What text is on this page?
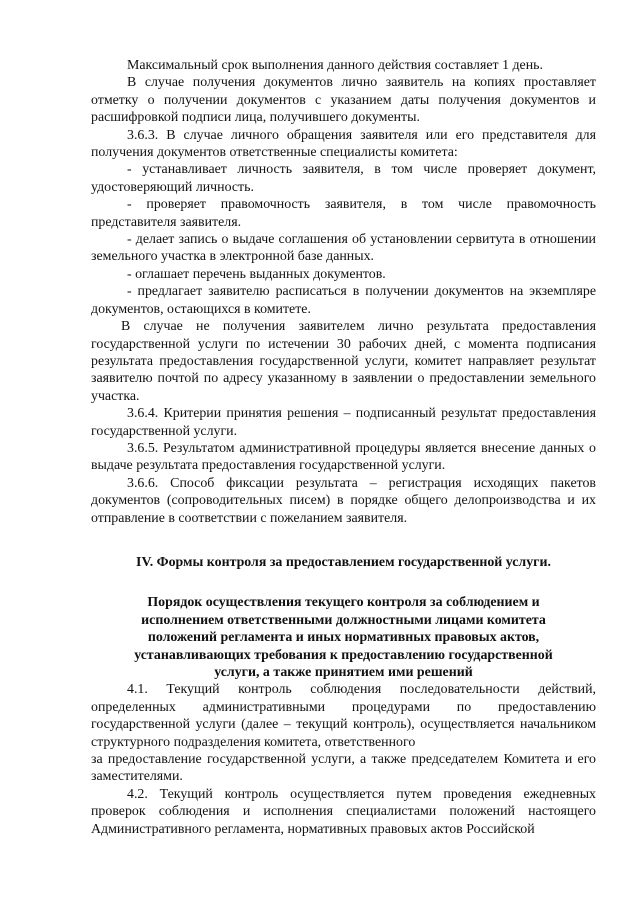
Максимальный срок выполнения данного действия составляет 1 день.

В случае получения документов лично заявитель на копиях проставляет отметку о получении документов с указанием даты получения документов и расшифровкой подписи лица, получившего документы.

3.6.3. В случае личного обращения заявителя или его представителя для получения документов ответственные специалисты комитета:

- устанавливает личность заявителя, в том числе проверяет документ, удостоверяющий личность.

- проверяет правомочность заявителя, в том числе правомочность представителя заявителя.

- делает запись о выдаче соглашения об установлении сервитута в отношении земельного участка в электронной базе данных.

- оглашает перечень выданных документов.

- предлагает заявителю расписаться в получении документов на экземпляре документов, остающихся в комитете.

В случае не получения заявителем лично результата предоставления государственной услуги по истечении 30 рабочих дней, с момента подписания результата предоставления государственной услуги, комитет направляет результат заявителю почтой по адресу указанному в заявлении о предоставлении земельного участка.

3.6.4. Критерии принятия решения – подписанный результат предоставления государственной услуги.

3.6.5. Результатом административной процедуры является внесение данных о выдаче результата предоставления государственной услуги.

3.6.6. Способ фиксации результата – регистрация исходящих пакетов документов (сопроводительных писем) в порядке общего делопроизводства и их отправление в соответствии с пожеланием заявителя.

IV. Формы контроля за предоставлением государственной услуги.

Порядок осуществления текущего контроля за соблюдением и
исполнением ответственными должностными лицами комитета
положений регламента и иных нормативных правовых актов,
устанавливающих требования к предоставлению государственной
услуги, а также принятием ими решений

4.1. Текущий контроль соблюдения последовательности действий, определенных административными процедурами по предоставлению государственной услуги (далее – текущий контроль), осуществляется начальником структурного подразделения комитета, ответственного

за предоставление государственной услуги, а также председателем Комитета и его заместителями.

4.2. Текущий контроль осуществляется путем проведения ежедневных проверок соблюдения и исполнения специалистами положений настоящего Административного регламента, нормативных правовых актов Российской
